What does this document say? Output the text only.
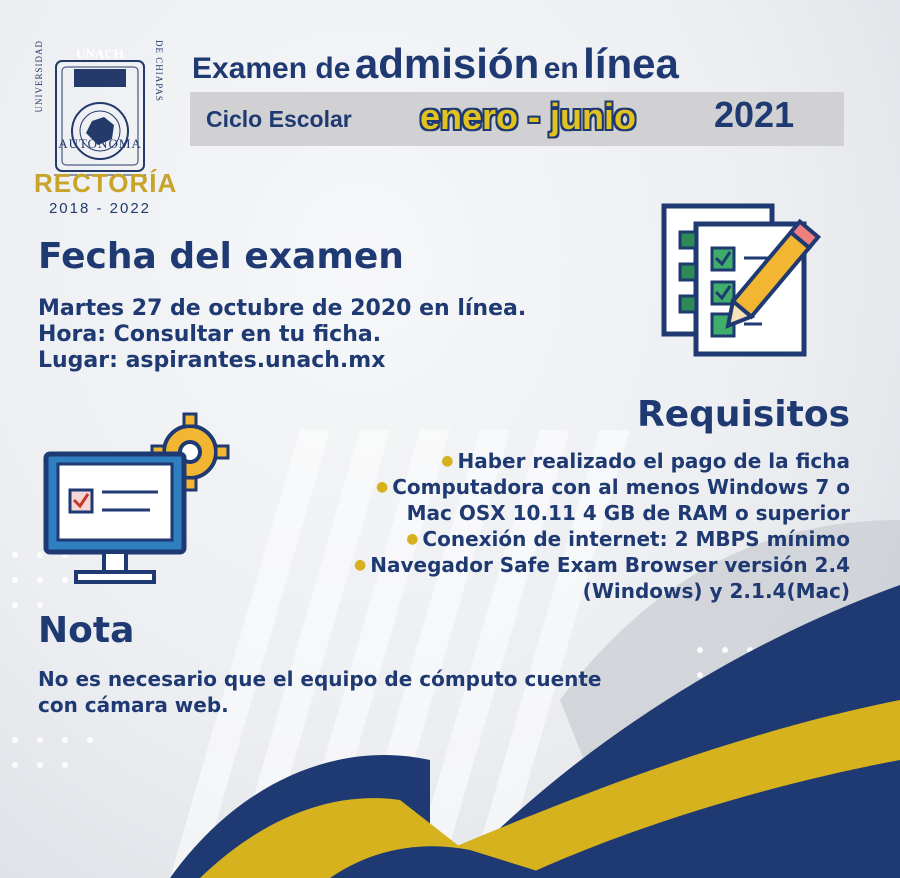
UNACH
UNIVERSIDAD	DE CHIAPAS
AUTONOMA
RECTORÍA
2018 - 2022
Examen de admisión en línea
Ciclo Escolar enero - junio 2021
Fecha del examen
Martes 27 de octubre de 2020 en línea.
Hora: Consultar en tu ficha.
Lugar: aspirantes.unach.mx
Requisitos
● Haber realizado el pago de la ficha
● Computadora con al menos Windows 7 o
Mac OSX 10.11 4 GB de RAM o superior
● Conexión de internet: 2 MBPS mínimo
● Navegador Safe Exam Browser versión 2.4
(Windows) y 2.1.4(Mac)
Nota
No es necesario que el equipo de cómputo cuente
con cámara web.
